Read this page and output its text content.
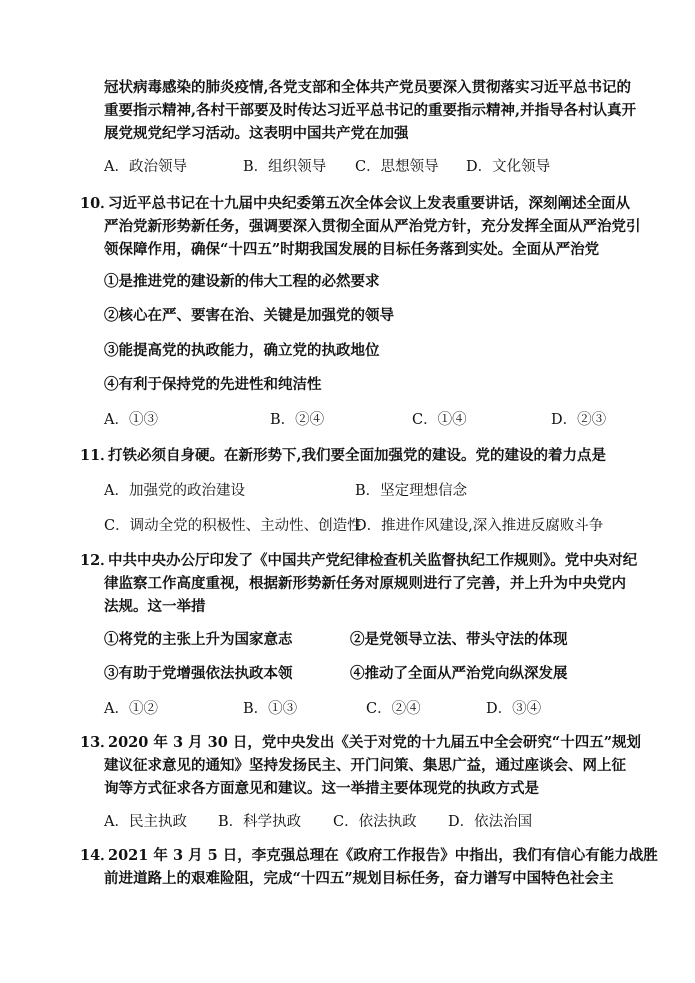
冠状病毒感染的肺炎疫情,各党支部和全体共产党员要深入贯彻落实习近平总书记的
重要指示精神,各村干部要及时传达习近平总书记的重要指示精神,并指导各村认真开
展党规党纪学习活动。这表明中国共产党在加强
A．政治领导	B．组织领导 C．思想领导 D．文化领导
10．
习近平总书记在十九届中央纪委第五次全体会议上发表重要讲话，深刻阐述全面从
严治党新形势新任务，强调要深入贯彻全面从严治党方针，充分发挥全面从严治党引
领保障作用，确保“十四五”时期我国发展的目标任务落到实处。全面从严治党
①是推进党的建设新的伟大工程的必然要求
②核心在严、要害在治、关键是加强党的领导
③能提高党的执政能力，确立党的执政地位
④有利于保持党的先进性和纯洁性
A．①③	B．②④	C．①④	D．②③
11．
打铁必须自身硬。在新形势下,我们要全面加强党的建设。党的建设的着力点是
A．加强党的政治建设	B．坚定理想信念
C．调动全党的积极性、主动性、创造性
D．推进作风建设,深入推进反腐败斗争
12．
中共中央办公厅印发了《中国共产党纪律检查机关监督执纪工作规则》。党中央对纪
律监察工作高度重视，根据新形势新任务对原规则进行了完善，并上升为中央党内
法规。这一举措
①将党的主张上升为国家意志	②是党领导立法、带头守法的体现
③有助于党增强依法执政本领	④推动了全面从严治党向纵深发展
A．①②	B．①③	C．②④	D．③④
13．
2020 年 3 月 30 日，党中央发出《关于对党的十九届五中全会研究“十四五”规划
建议征求意见的通知》坚持发扬民主、开门问策、集思广益，通过座谈会、网上征
询等方式征求各方面意见和建议。这一举措主要体现党的执政方式是
A．民主执政 B．科学执政 C．依法执政 D．依法治国
14．
2021 年 3 月 5 日，李克强总理在《政府工作报告》中指出，我们有信心有能力战胜
前进道路上的艰难险阻，完成“十四五”规划目标任务，奋力谱写中国特色社会主
